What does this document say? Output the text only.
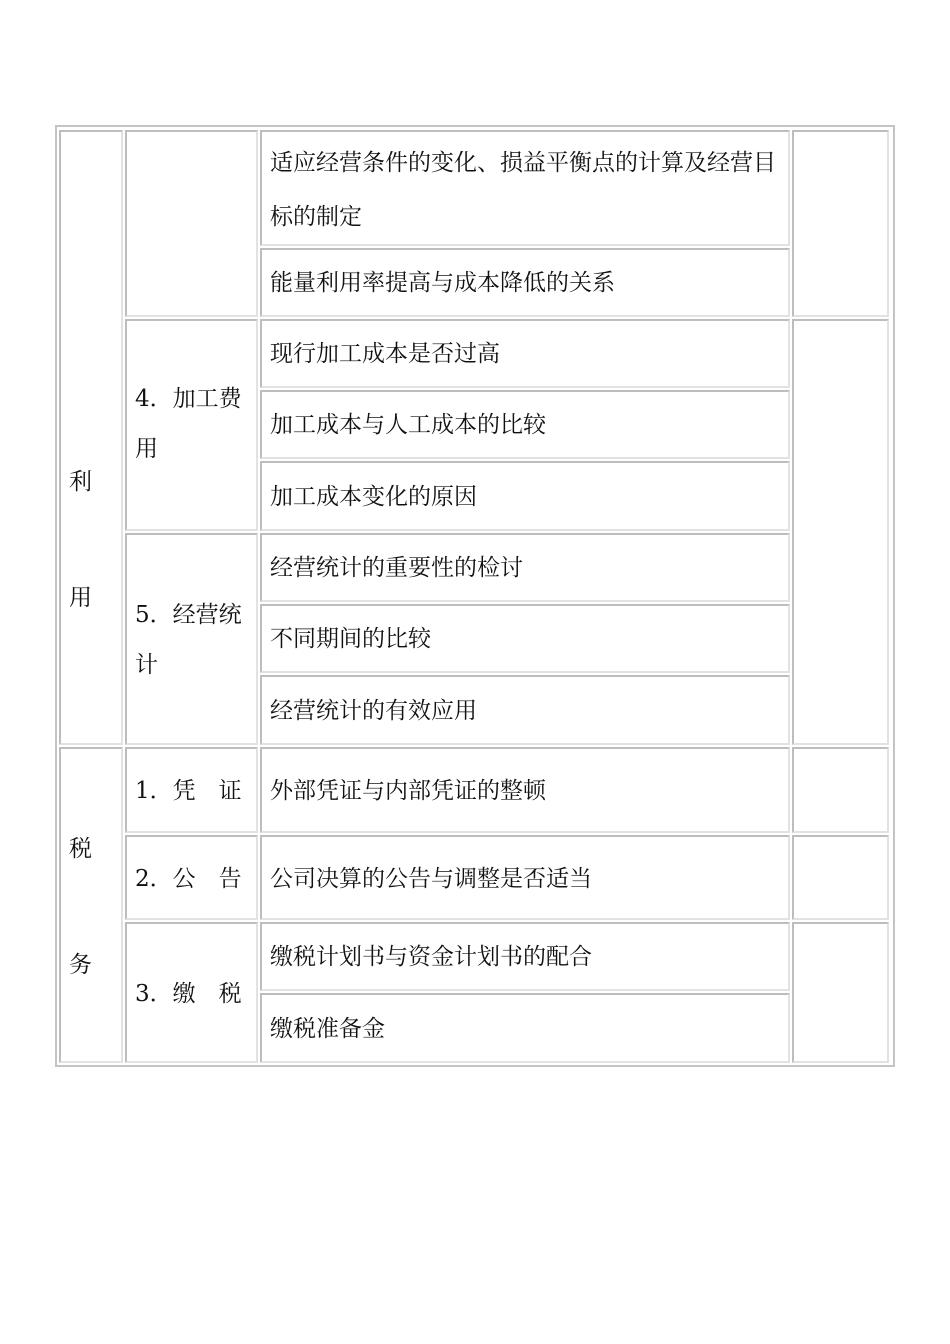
利
用
税
务
4．加工费用
5．经营统计
1．凭　证
2．公　告
3．缴　税
适应经营条件的变化、损益平衡点的计算及经营目标的制定
能量利用率提高与成本降低的关系
现行加工成本是否过高
加工成本与人工成本的比较
加工成本变化的原因
经营统计的重要性的检讨
不同期间的比较
经营统计的有效应用
外部凭证与内部凭证的整顿
公司决算的公告与调整是否适当
缴税计划书与资金计划书的配合
缴税准备金
